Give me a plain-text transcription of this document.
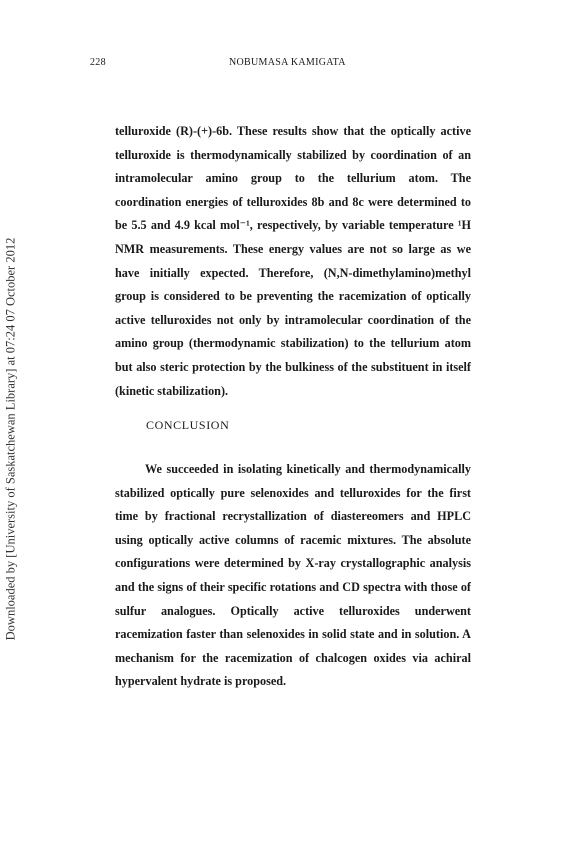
228	NOBUMASA KAMIGATA
Downloaded by [University of Saskatchewan Library] at 07:24 07 October 2012
telluroxide (R)-(+)-6b. These results show that the optically active telluroxide is thermodynamically stabilized by coordination of an intramolecular amino group to the tellurium atom. The coordination energies of telluroxides 8b and 8c were determined to be 5.5 and 4.9 kcal mol⁻¹, respectively, by variable temperature ¹H NMR measurements. These energy values are not so large as we have initially expected. Therefore, (N,N-dimethylamino)methyl group is considered to be preventing the racemization of optically active telluroxides not only by intramolecular coordination of the amino group (thermodynamic stabilization) to the tellurium atom but also steric protection by the bulkiness of the substituent in itself (kinetic stabilization).
CONCLUSION
We succeeded in isolating kinetically and thermodynamically stabilized optically pure selenoxides and telluroxides for the first time by fractional recrystallization of diastereomers and HPLC using optically active columns of racemic mixtures. The absolute configurations were determined by X-ray crystallographic analysis and the signs of their specific rotations and CD spectra with those of sulfur analogues. Optically active telluroxides underwent racemization faster than selenoxides in solid state and in solution. A mechanism for the racemization of chalcogen oxides via achiral hypervalent hydrate is proposed.
